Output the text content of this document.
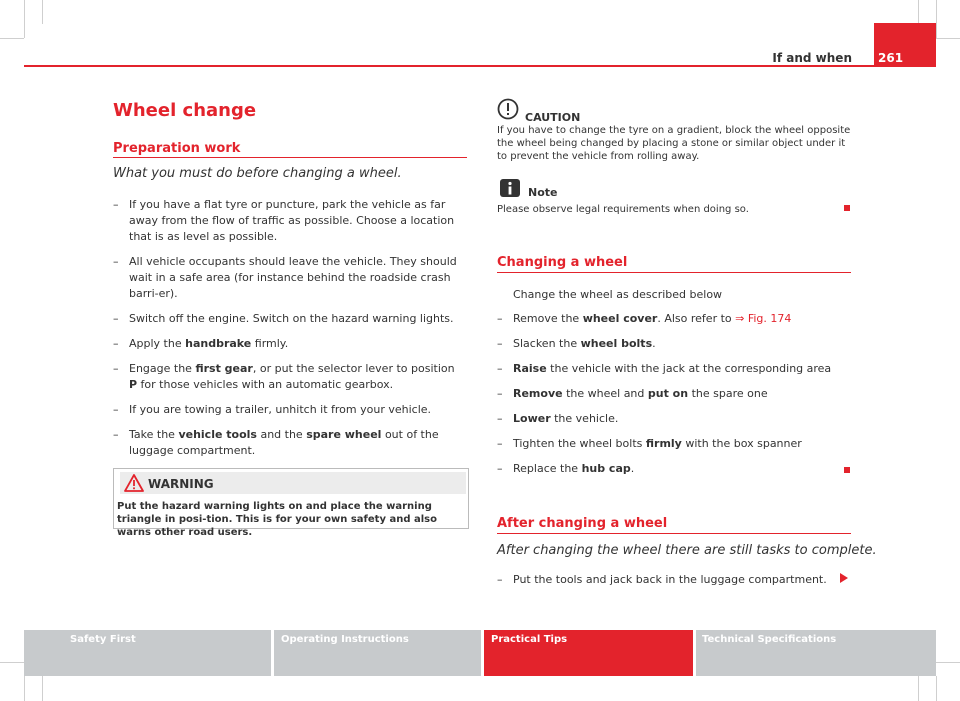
261
If and when
Wheel change
Preparation work
What you must do before changing a wheel.
– If you have a flat tyre or puncture, park the vehicle as far away from the flow of traffic as possible. Choose a location that is as level as possible.
– All vehicle occupants should leave the vehicle. They should wait in a safe area (for instance behind the roadside crash barri-er).
– Switch off the engine. Switch on the hazard warning lights.
– Apply the handbrake firmly.
– Engage the first gear, or put the selector lever to position P for those vehicles with an automatic gearbox.
– If you are towing a trailer, unhitch it from your vehicle.
– Take the vehicle tools and the spare wheel out of the luggage compartment.
WARNING
Put the hazard warning lights on and place the warning triangle in posi-tion. This is for your own safety and also warns other road users.
CAUTION
If you have to change the tyre on a gradient, block the wheel opposite the wheel being changed by placing a stone or similar object under it to prevent the vehicle from rolling away.
Note
Please observe legal requirements when doing so.
Changing a wheel
Change the wheel as described below
– Remove the wheel cover. Also refer to ⇒ Fig. 174
– Slacken the wheel bolts.
– Raise the vehicle with the jack at the corresponding area
– Remove the wheel and put on the spare one
– Lower the vehicle.
– Tighten the wheel bolts firmly with the box spanner
– Replace the hub cap.
After changing a wheel
After changing the wheel there are still tasks to complete.
– Put the tools and jack back in the luggage compartment.
Safety First	Operating Instructions	Practical Tips	Technical Specifications
